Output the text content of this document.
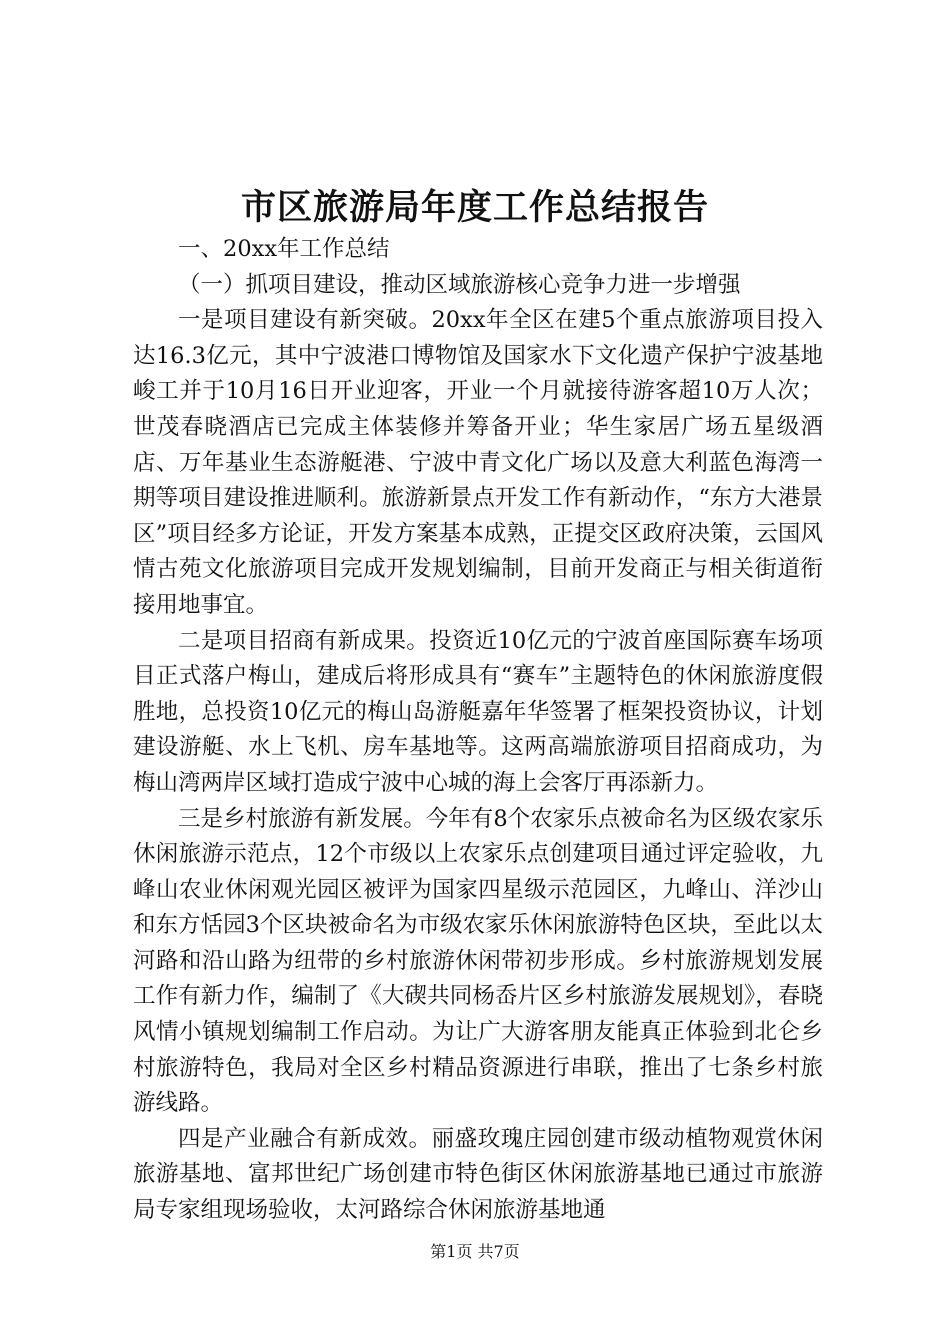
市区旅游局年度工作总结报告

一、20xx年工作总结

（一）抓项目建设，推动区域旅游核心竞争力进一步增强

一是项目建设有新突破。20xx年全区在建5个重点旅游项目投入达16.3亿元，其中宁波港口博物馆及国家水下文化遗产保护宁波基地峻工并于10月16日开业迎客，开业一个月就接待游客超10万人次；世茂春晓酒店已完成主体装修并筹备开业；华生家居广场五星级酒店、万年基业生态游艇港、宁波中青文化广场以及意大利蓝色海湾一期等项目建设推进顺利。旅游新景点开发工作有新动作，“东方大港景区”项目经多方论证，开发方案基本成熟，正提交区政府决策，云国风情古苑文化旅游项目完成开发规划编制，目前开发商正与相关街道衔接用地事宜。

二是项目招商有新成果。投资近10亿元的宁波首座国际赛车场项目正式落户梅山，建成后将形成具有“赛车”主题特色的休闲旅游度假胜地，总投资10亿元的梅山岛游艇嘉年华签署了框架投资协议，计划建设游艇、水上飞机、房车基地等。这两高端旅游项目招商成功，为梅山湾两岸区域打造成宁波中心城的海上会客厅再添新力。

三是乡村旅游有新发展。今年有8个农家乐点被命名为区级农家乐休闲旅游示范点，12个市级以上农家乐点创建项目通过评定验收，九峰山农业休闲观光园区被评为国家四星级示范园区，九峰山、洋沙山和东方恬园3个区块被命名为市级农家乐休闲旅游特色区块，至此以太河路和沿山路为纽带的乡村旅游休闲带初步形成。乡村旅游规划发展工作有新力作，编制了《大碶共同杨岙片区乡村旅游发展规划》，春晓风情小镇规划编制工作启动。为让广大游客朋友能真正体验到北仑乡村旅游特色，我局对全区乡村精品资源进行串联，推出了七条乡村旅游线路。

四是产业融合有新成效。丽盛玫瑰庄园创建市级动植物观赏休闲旅游基地、富邦世纪广场创建市特色街区休闲旅游基地已通过市旅游局专家组现场验收，太河路综合休闲旅游基地通

第1页 共7页
